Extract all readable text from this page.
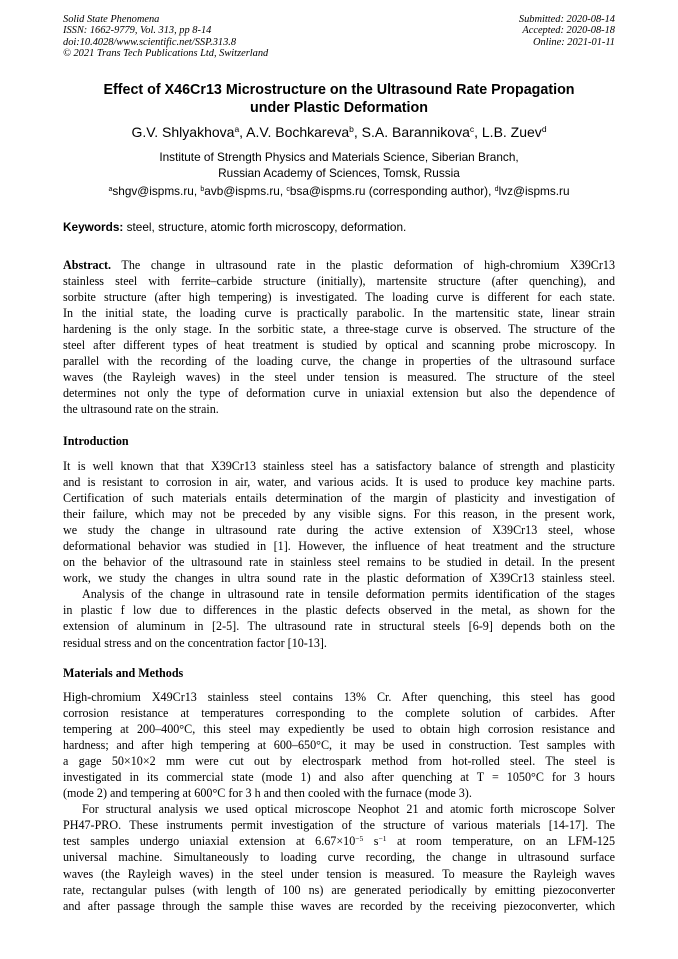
Solid State Phenomena
ISSN: 1662-9779, Vol. 313, pp 8-14
doi:10.4028/www.scientific.net/SSP.313.8
© 2021 Trans Tech Publications Ltd, Switzerland
Submitted: 2020-08-14
Accepted: 2020-08-18
Online: 2021-01-11
Effect of X46Cr13 Microstructure on the Ultrasound Rate Propagation
under Plastic Deformation
G.V. Shlyakhova$^a$, A.V. Bochkareva$^b$, S.A. Barannikova$^c$, L.B. Zuev$^d$
Institute of Strength Physics and Materials Science, Siberian Branch,
Russian Academy of Sciences, Tomsk, Russia
$^a$shgv@ispms.ru, $^b$avb@ispms.ru, $^c$bsa@ispms.ru (corresponding author), $^d$lvz@ispms.ru
Keywords: steel, structure, atomic forth microscopy, deformation.
Abstract. The change in ultrasound rate in the plastic deformation of high-chromium X39Cr13
stainless steel with ferrite–carbide structure (initially), martensite structure (after quenching), and
sorbite structure (after high tempering) is investigated. The loading curve is different for each state.
In the initial state, the loading curve is practically parabolic. In the martensitic state, linear strain
hardening is the only stage. In the sorbitic state, a three-stage curve is observed. The structure of the
steel after different types of heat treatment is studied by optical and scanning probe microscopy. In
parallel with the recording of the loading curve, the change in properties of the ultrasound surface
waves (the Rayleigh waves) in the steel under tension is measured. The structure of the steel
determines not only the type of deformation curve in uniaxial extension but also the dependence of
the ultrasound rate on the strain.
Introduction
It is well known that that X39Cr13 stainless steel has a satisfactory balance of strength and plasticity
and is resistant to corrosion in air, water, and various acids. It is used to produce key machine parts.
Certification of such materials entails determination of the margin of plasticity and investigation of
their failure, which may not be preceded by any visible signs. For this reason, in the present work,
we study the change in ultrasound rate during the active extension of X39Cr13 steel, whose
deformational behavior was studied in [1]. However, the influence of heat treatment and the structure
on the behavior of the ultrasound rate in stainless steel remains to be studied in detail. In the present
work, we study the changes in ultra sound rate in the plastic deformation of X39Cr13 stainless steel.
Analysis of the change in ultrasound rate in tensile deformation permits identification of the stages
in plastic f low due to differences in the plastic defects observed in the metal, as shown for the
extension of aluminum in [2-5]. The ultrasound rate in structural steels [6-9] depends both on the
residual stress and on the concentration factor [10-13].
Materials and Methods
High-chromium X49Cr13 stainless steel contains 13% Cr. After quenching, this steel has good
corrosion resistance at temperatures corresponding to the complete solution of carbides. After
tempering at 200–400°C, this steel may expediently be used to obtain high corrosion resistance and
hardness; and after high tempering at 600–650°C, it may be used in construction. Test samples with
a gage 50×10×2 mm were cut out by electrospark method from hot-rolled steel. The steel is
investigated in its commercial state (mode 1) and also after quenching at T = 1050°C for 3 hours
(mode 2) and tempering at 600°C for 3 h and then cooled with the furnace (mode 3).
For structural analysis we used optical microscope Neophot 21 and atomic forth microscope Solver
PH47-PRO. These instruments permit investigation of the structure of various materials [14-17]. The
test samples undergo uniaxial extension at $6.67\times 10^{-5}$ $s^{-1}$ at room temperature, on an LFM-125
universal machine. Simultaneously to loading curve recording, the change in ultrasound surface
waves (the Rayleigh waves) in the steel under tension is measured. To measure the Rayleigh waves
rate, rectangular pulses (with length of 100 ns) are generated periodically by emitting piezoconverter
and after passage through the sample thise waves are recorded by the receiving piezoconverter, which
